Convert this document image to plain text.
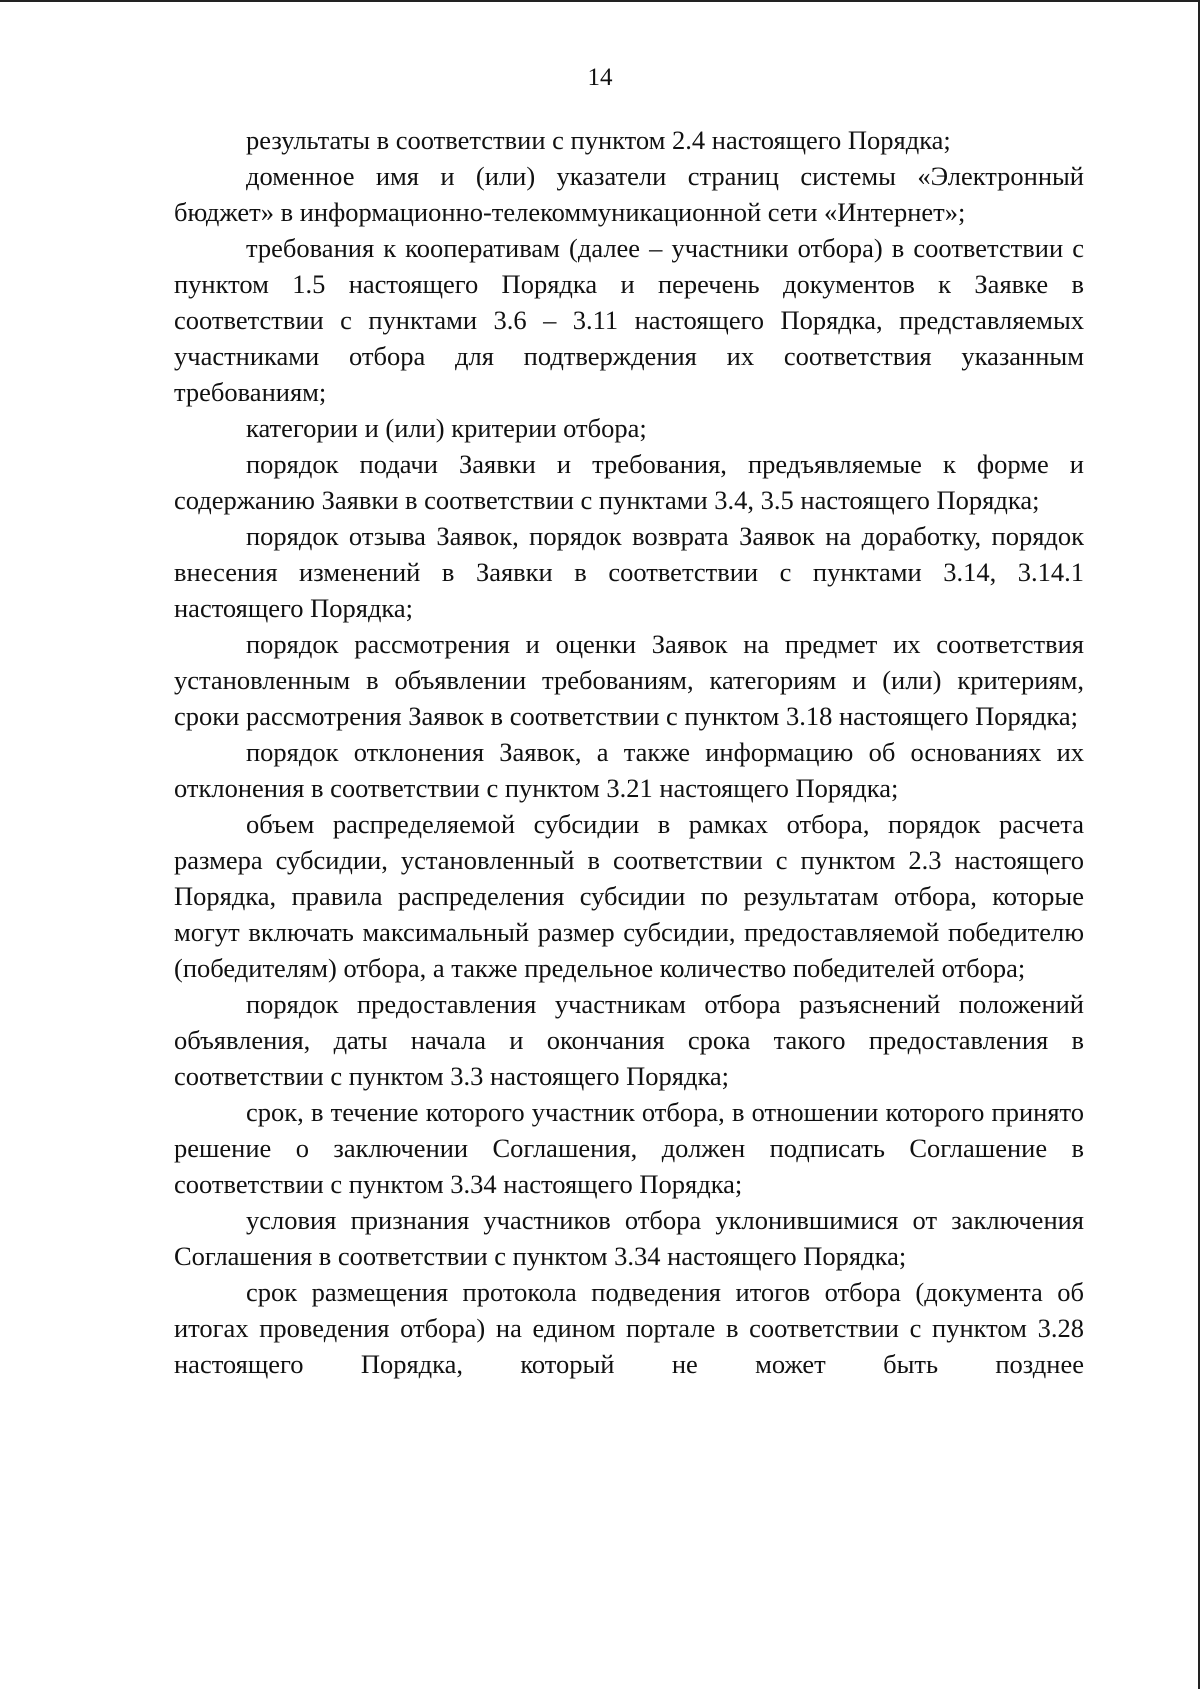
14

результаты в соответствии с пунктом 2.4 настоящего Порядка;

доменное имя и (или) указатели страниц системы «Электронный бюджет» в информационно-телекоммуникационной сети «Интернет»;

требования к кооперативам (далее – участники отбора) в соответствии с пунктом 1.5 настоящего Порядка и перечень документов к Заявке в соответствии с пунктами 3.6 – 3.11 настоящего Порядка, представляемых участниками отбора для подтверждения их соответствия указанным требованиям;

категории и (или) критерии отбора;

порядок подачи Заявки и требования, предъявляемые к форме и содержанию Заявки в соответствии с пунктами 3.4, 3.5 настоящего Порядка;

порядок отзыва Заявок, порядок возврата Заявок на доработку, порядок внесения изменений в Заявки в соответствии с пунктами 3.14, 3.14.1 настоящего Порядка;

порядок рассмотрения и оценки Заявок на предмет их соответствия установленным в объявлении требованиям, категориям и (или) критериям, сроки рассмотрения Заявок в соответствии с пунктом 3.18 настоящего Порядка;

порядок отклонения Заявок, а также информацию об основаниях их отклонения в соответствии с пунктом 3.21 настоящего Порядка;

объем распределяемой субсидии в рамках отбора, порядок расчета размера субсидии, установленный в соответствии с пунктом 2.3 настоящего Порядка, правила распределения субсидии по результатам отбора, которые могут включать максимальный размер субсидии, предоставляемой победителю (победителям) отбора, а также предельное количество победителей отбора;

порядок предоставления участникам отбора разъяснений положений объявления, даты начала и окончания срока такого предоставления в соответствии с пунктом 3.3 настоящего Порядка;

срок, в течение которого участник отбора, в отношении которого принято решение о заключении Соглашения, должен подписать Соглашение в соответствии с пунктом 3.34 настоящего Порядка;

условия признания участников отбора уклонившимися от заключения Соглашения в соответствии с пунктом 3.34 настоящего Порядка;

срок размещения протокола подведения итогов отбора (документа об итогах проведения отбора) на едином портале в соответствии с пунктом 3.28 настоящего Порядка, который не может быть позднее
